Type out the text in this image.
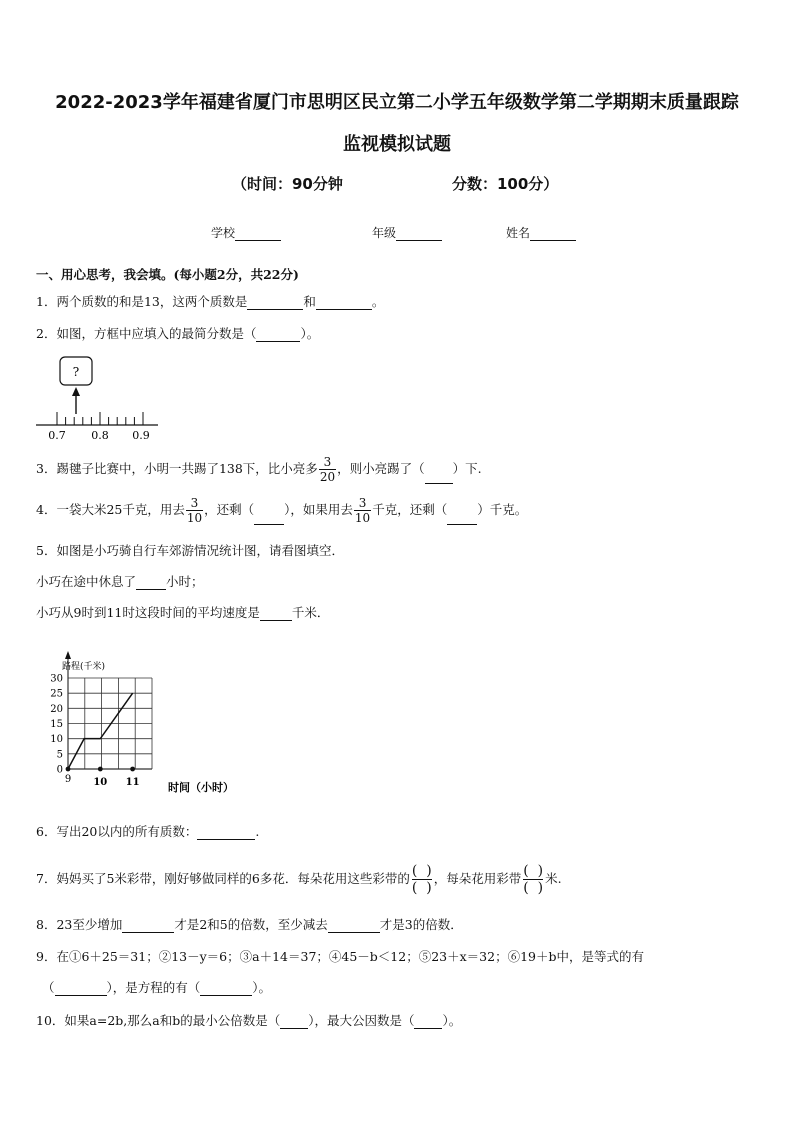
2022-2023学年福建省厦门市思明区民立第二小学五年级数学第二学期期末质量跟踪
监视模拟试题
（时间：90分钟	分数：100分）
学校	年级	姓名
一、用心思考，我会填。(每小题2分，共22分)
1．两个质数的和是13，这两个质数是	和	。
2．如图，方框中应填入的最简分数是（	）。
?
0.7 0.8 0.9
3．踢毽子比赛中，小明一共踢了138下，比小亮多 $\frac{3}{20}$ ，则小亮踢了（ ）下.
4．一袋大米25千克，用去 $\frac{3}{10}$ ，还剩（ ），如果用去 $\frac{3}{10}$ 千克，还剩（ ）千克。
5．如图是小巧骑自行车郊游情况统计图，请看图填空．
小巧在途中休息了 小时；
小巧从9时到11时这段时间的平均速度是	千米．
路程(千米)
30
25
20
15
10
5
0
9 10 11	时间（小时）
6．写出20以内的所有质数：	.
7．妈妈买了5米彩带，刚好够做同样的6多花．每朵花用这些彩带的 ( )
( )
，每朵花用彩带 ( )
( )
米.
8．23至少增加	才是2和5的倍数，至少减去	才是3的倍数．
9．在①6＋25＝31；②13－y＝6；③a＋14＝37；④45－b＜12；⑤23＋x＝32；⑥19＋b中，是等式的有
（	），是方程的有（	）。
10．如果a=2b,那么a和b的最小公倍数是（ ），最大公因数是（ ）。
